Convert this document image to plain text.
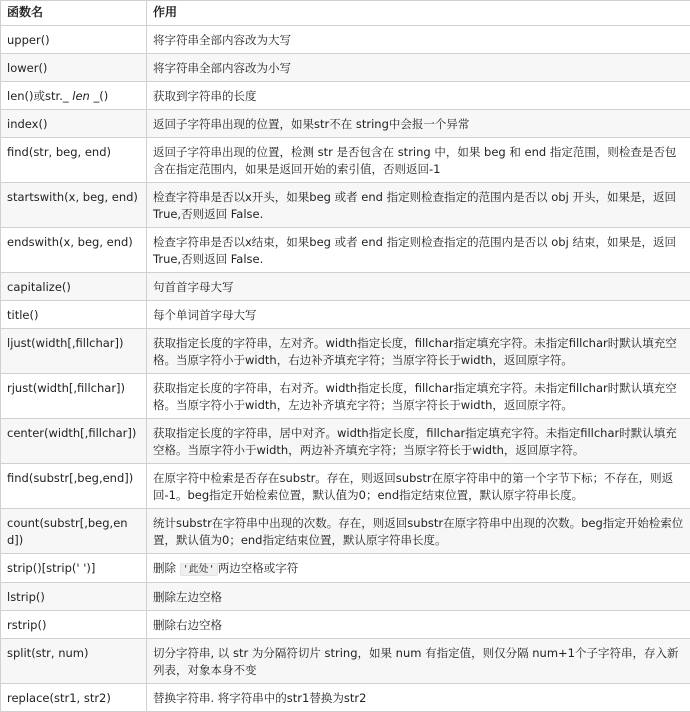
函数名	作用
upper()	将字符串全部内容改为大写
lower()	将字符串全部内容改为小写
len()或str._ len _()	获取到字符串的长度
index()	返回子字符串出现的位置，如果str不在 string中会报一个异常
find(str, beg, end)	返回子字符串出现的位置，检测 str 是否包含在 string 中，如果 beg 和 end 指定范围，则检查是否包含在指定范围内，如果是返回开始的索引值，否则返回-1
startswith(x, beg, end)	检查字符串是否以x开头，如果beg 或者 end 指定则检查指定的范围内是否以 obj 开头，如果是，返回 True,否则返回 False.
endswith(x, beg, end)	检查字符串是否以x结束，如果beg 或者 end 指定则检查指定的范围内是否以 obj 结束，如果是，返回 True,否则返回 False.
capitalize()	句首首字母大写
title()	每个单词首字母大写
ljust(width[,fillchar])	获取指定长度的字符串，左对齐。width指定长度，fillchar指定填充字符。未指定fillchar时默认填充空格。当原字符小于width，右边补齐填充字符；当原字符长于width，返回原字符。
rjust(width[,fillchar])	获取指定长度的字符串，右对齐。width指定长度，fillchar指定填充字符。未指定fillchar时默认填充空格。当原字符小于width，左边补齐填充字符；当原字符长于width，返回原字符。
center(width[,fillchar])	获取指定长度的字符串，居中对齐。width指定长度，fillchar指定填充字符。未指定fillchar时默认填充空格。当原字符小于width，两边补齐填充字符；当原字符长于width，返回原字符。
find(substr[,beg,end])	在原字符中检索是否存在substr。存在，则返回substr在原字符串中的第一个字节下标；不存在，则返回-1。beg指定开始检索位置，默认值为0；end指定结束位置，默认原字符串长度。
count(substr[,beg,end])	统计substr在字符串中出现的次数。存在，则返回substr在原字符串中出现的次数。beg指定开始检索位置，默认值为0；end指定结束位置，默认原字符串长度。
strip()[strip(' ')]	删除 '此处' 两边空格或字符
lstrip()	删除左边空格
rstrip()	删除右边空格
split(str, num)	切分字符串, 以 str 为分隔符切片 string，如果 num 有指定值，则仅分隔 num+1个子字符串，存入新列表，对象本身不变
replace(str1, str2)	替换字符串. 将字符串中的str1替换为str2
